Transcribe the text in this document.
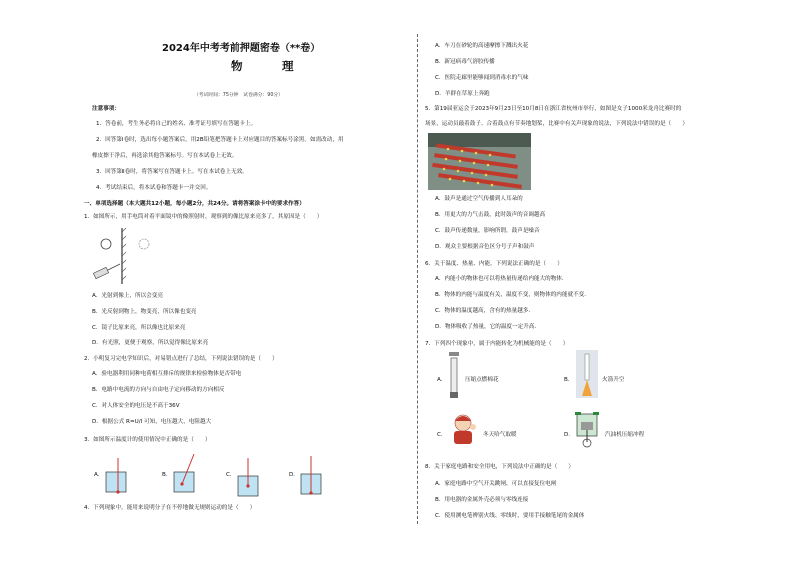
2024年中考考前押题密卷（**卷）
物　理
（考试时间：75分钟　试卷满分：90分）
注意事项：
1．答卷前，考生务必将自己的姓名、准考证号填写在答题卡上。
2．回答第Ⅰ卷时，选出每小题答案后，用2B铅笔把答题卡上对应题目的答案标号涂黑。如需改动，用
橡皮擦干净后，再选涂其他答案标号。写在本试卷上无效。
3．回答第Ⅱ卷时，将答案写在答题卡上。写在本试卷上无效。
4．考试结束后，将本试卷和答题卡一并交回。
一、单项选择题（本大题共12小题，每小题2分，共24分。请将答案涂卡中的要求作答）
1．如图所示，用手电筒对着平面镜中的像照射时，观察到的像比原来亮多了，其原因是（　　）
A．光射到像上，所以会变亮
B．光反射到物上，物变亮，所以像也变亮
C．镜子比原来亮，所以像也比原来亮
D．有光照，更便于观察，所以觉得像比原来亮
2．小明复习完电学知识后，对易错点进行了总结，下列说法错误的是（　　）
A．验电器利用同种电荷相互排斥的规律来检验物体是否带电
B．电路中电流的方向与自由电子定向移动的方向相反
C．对人体安全的电压是不高于36V
D．根据公式 R=U/I 可知，电压越大，电阻越大
3．如图所示温度计的使用情况中正确的是（　　）
A.	B.	C.	D.
4．下列现象中，能用来说明分子在不停地做无规则运动的是（　　）
A．车刀在砂轮的高速摩擦下溅出火花
B．新冠病毒气溶胶传播
C．医院走廊里能够闻到消毒水的气味
D．羊群在草原上奔跑
5．第19届亚运会于2023年9月23日至10月8日在浙江省杭州市举行，如图是女子1000米龙舟比赛时的
场景，运动员敲着鼓子、合着鼓点有节奏地划桨，比赛中有关声现象的说法，下列说法中错误的是（　　）
A．鼓声是通过空气传播到人耳朵的
B．用更大的力气击鼓，此时鼓声的音调越高
C．鼓声传递数量，影响所谓，鼓声是噪音
D．观众主要根据音色区分号子声和鼓声
6．关于温度、热量、内能，下列说法正确的是（　　）
A．内能小的物体也可以将热量传递给内能大的物体．
B．物体的内能与温度有关，温度不变，则物体的内能就不变．
C．物体的温度越高，含有的热量越多．
D．物体吸收了热量，它的温度一定升高．
7．下列四个现象中，属于内能转化为机械能的是（　　）
A.	压缩点燃棉花	B.	火箭升空
C.	冬天哈气取暖	D.	汽油机压缩冲程
8．关于家庭电路和安全用电，下列说法中正确的是（　　）
A．家庭电路中空气开关跳闸，可以直接复位电闸
B．用电器的金属外壳必须与零线连接
C．使用测电笔辨别火线、零线时，要用手接触笔尾的金属体
